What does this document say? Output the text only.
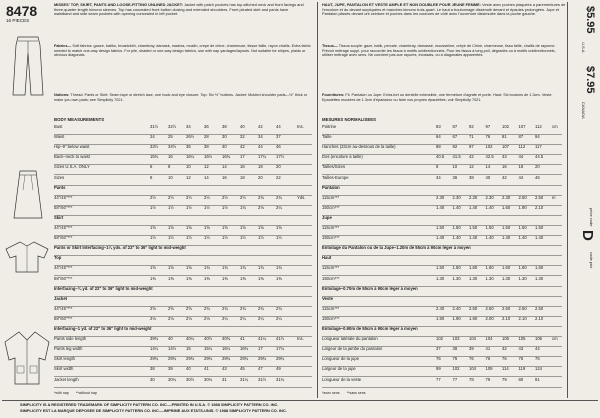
8478
16 PIECES
MISSES' TOP, SKIRT, PANTS AND LOOSE-FITTING UNLINED JACKET: Jacket with patch pockets has top-stitched neck and front facings and three-quarter length kimono sleeves. Top has concealed front button closing and extended shoulders. Front pleated skirt and pants have waistband and side seam pockets with opening concealed in left pocket.
Fabrics— Soft fabrics: gauze, batiks, broadcloth, chambray, damask, madras, muslin, crepe de chine, charmeuse, tissue faille, rayon challis. Extra fabric needed to match one-way design fabrics. For pile, shaded or one-way design fabrics, use with nap yardages/layouts. Not suitable for stripes, plaids or obvious diagonals.
Notions: Thread. Pants or Skirt: Seam tape or stretch lace, one hook and eye closure. Top: Six ½" buttons. Jacket: Molded shoulder pads—½" thick or make you own pads; see Simplicity 7021.
BODY MEASUREMENTS
Bust	31½ 32½ 34	36	38	40	42	44	Ins.
Waist	24	25	26½ 28	30	32	34	37
Hip–9" below waist	33½ 34½ 36	38	40	42	44	46
Back–neck to waist	15¾ 16	16¼ 16½ 16¾ 17	17¼ 17½
Sizes U.S.A. ONLY	6	8	10	12	14	16	18	20
Sizes	8	10	12	14	16	18	20	22
Pants
44"/45"***	2½	2½	2½	2½	2½	2½	2¾	2¾	Yds.
58"/60"***	1½	1½	1½	1½	1½	1¾	2⅛	2¼
Skirt
44"/45"***	1⅝	1⅝	1⅝	1⅝	1⅝	1⅝	1⅝	1⅝
58"/60"***	1½	1½	1½	1½	1½	1½	1½	1½
Pants or Skirt Interfacing–1¼ yds. of 22" to 36" light to mid-weight
Top
44"/45"***	1⅝	1⅝	1⅝	1¾	1¾	1¾	1¾	1¾
58"/60"***	1⅜	1⅜	1⅜	1⅜	1⅜	1⅜	1⅜	1⅜
Interfacing–¾ yd. of 22" to 36" light to mid-weight
Jacket
44"/45"***	2⅝	2⅝	2⅝	2¾	2¾	2¾	2¾	2¾
58"/60"***	2⅛	2⅛	2⅛	2⅛	2¼	2¼	2¼	2¼
Interfacing–1 yd. of 22" to 36" light to mid-weight
Pants side length	39¾ 40	40¼ 40½ 40¾ 41	41¼ 41½	Ins.
Pants leg width	14¼ 14½ 15	15¼ 16¼ 16¾ 17	17¼
Skirt length	29¾ 29¾ 29¾ 29¾ 29¾ 29¾ 29¾ 29¾
Skirt width	38	39	40	41	43	45	47	49
Jacket length	30	30¼ 30½ 30¾ 31	31¼ 31½ 31¾
*with nap **without nap
HAUT, JUPE, PANTALON ET VESTE AMPLE ET NON DOUBLEE POUR JEUNE FEMME: Veste avec poches plaquées a parementures de l'encolure et du devant surpiquées et manches kimono trois-quart. Le haut a boutonnage dissimulé devant et épaules prolongées. Jupe et Pantalon plissés devant ont ceinture et poches dans les coutures de côté avec l'ouverture dissimulée dans la poche gauche.
Tissus— Tissus souple: gaze, batik, percale, chambray, damassé, mousseline, crêpe de Chine, charmeuse, tissu faille, challis de rayonne. Prévoir métrage suppl. pour raccorder les tissus à motifs unidirectionnels. Pour les tissus à long poil, dégradés ou à motifs unidirectionnels, utiliser métrage avec sens. Ne convient pas aux rayures, écossais, ou à diagonales apparentes.
Fournitures: Fil. Pantalon ou Jupe: Extra-fort ou dentelle extensible, une fermeture d'agrafe et porte. Haut: Six boutons de 1.3cm. Veste: Epaulettes moulées de 1.3cm d'épaisseur ou faire vos propres épaulettes; voir Simplicity 7021.
MESURES NORMALISEES
Poitrine	83	87	92	97	102 107 112 cm
Taille	64	67	71	76	81	87	94
Hanches (23cm au-dessous de la taille)	88	92	97	102 107 112 117
Dos (encolure à taille)	40.5 41.5 42	42.5 43	44	44.5
Tailles/Sizes	8	10	12	14	16	18	20
Tailles-Europe	34	36	38	40	42	44	46
Pantalon
115cm***	2.30 2.30 2.30 2.30 2.30 2.50 2.50 m
150cm***	1.40 1.40 1.40 1.40 1.60 1.90 2.10
Jupe
115cm***	1.50 1.50 1.50 1.50 1.50 1.50 1.50
150cm***	1.40 1.40 1.40 1.40 1.40 1.40 1.40
Entoilage du Pantalon ou de la Jupe–1.20m de 55cm à 90cm léger à moyen
Haut
115cm***	1.50 1.50 1.60 1.60 1.60 1.60 1.60
150cm***	1.30 1.30 1.30 1.30 1.30 1.30 1.30
Entoilage–0.70m de 55cm à 90cm léger à moyen
Veste
115cm***	2.40 2.40 2.50 2.50 2.50 2.50 2.50
150cm***	1.90 1.90 1.90 2.00 2.10 2.10 2.10
Entoilage–0.90m de 55cm à 90cm léger à moyen
Longueur latérale du pantalon	102 103 104 104 105 105 106 cm
Largeur de la jambe du pantalon	37	38	39	41	42	43	44
Longueur de la jupe	76	76	76	76	76	76	76
Largeur de la jupe	99	102 104 109 114 119 124
Longueur de la veste	77	77	78	79	79	80	81
*avec sens **sans sens
$5.95
U.S.A.
$7.95
CANADA
price code
D
code prix
SIMPLICITY IS A REGISTERED TRADEMARK OF SIMPLICITY PATTERN CO. INC.—PRINTED IN U.S.A. © 1988 SIMPLICITY PATTERN CO. INC.
SIMPLICITY EST LA MARQUE DEPOSEE DE SIMPLICITY PATTERN CO. INC.—IMPRIME AUX ETATS-UNIS. © 1988 SIMPLICITY PATTERN CO. INC.
